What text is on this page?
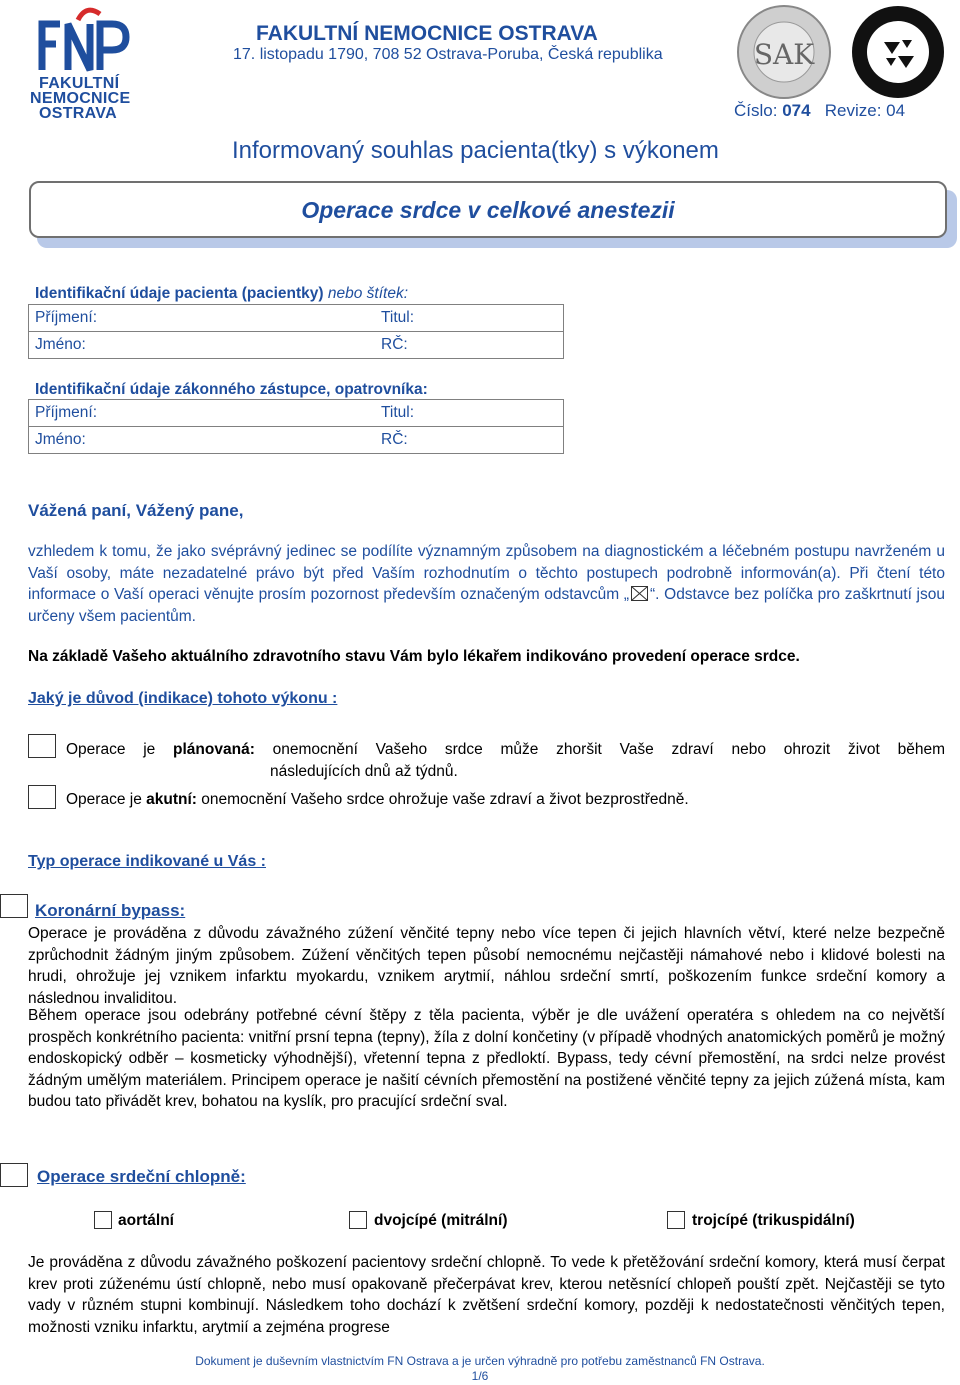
FAKULTNÍ
NEMOCNICE
OSTRAVA
FAKULTNÍ NEMOCNICE OSTRAVA
17. listopadu 1790, 708 52 Ostrava-Poruba, Česká republika	SAK
Číslo: 074 Revize: 04
Informovaný souhlas pacienta(tky) s výkonem
Operace srdce v celkové anestezii
Identifikační údaje pacienta (pacientky) nebo štítek:
Příjmení:	Titul:
Jméno:	RČ:
Identifikační údaje zákonného zástupce, opatrovníka:
Příjmení:	Titul:
Jméno:	RČ:
Vážená paní, Vážený pane,
vzhledem k tomu, že jako svéprávný jedinec se podílíte významným způsobem na diagnostickém a léčebném postupu navrženém u Vaší osoby, máte nezadatelné právo být před Vaším rozhodnutím o těchto postupech podrobně informován(a). Při čtení této informace o Vaší operaci věnujte prosím pozornost především označeným odstavcům „ “. Odstavce bez políčka pro zaškrtnutí jsou určeny všem pacientům.
Na základě Vašeho aktuálního zdravotního stavu Vám bylo lékařem indikováno provedení operace srdce.
Jaký je důvod (indikace) tohoto výkonu :
Operace je plánovaná: onemocnění Vašeho srdce může zhoršit Vaše zdraví nebo ohrozit život během
následujících dnů až týdnů.
Operace je akutní: onemocnění Vašeho srdce ohrožuje vaše zdraví a život bezprostředně.
Typ operace indikované u Vás :
Koronární bypass:
Operace je prováděna z důvodu závažného zúžení věnčité tepny nebo více tepen či jejich hlavních větví, které nelze bezpečně zprůchodnit žádným jiným způsobem. Zúžení věnčitých tepen působí nemocnému nejčastěji námahové nebo i klidové bolesti na hrudi, ohrožuje jej vznikem infarktu myokardu, vznikem arytmií, náhlou srdeční smrtí, poškozením funkce srdeční komory a následnou invaliditou.
Během operace jsou odebrány potřebné cévní štěpy z těla pacienta, výběr je dle uvážení operatéra s ohledem na co největší prospěch konkrétního pacienta: vnitřní prsní tepna (tepny), žíla z dolní končetiny (v případě vhodných anatomických poměrů je možný endoskopický odběr – kosmeticky výhodnější), vřetenní tepna z předloktí. Bypass, tedy cévní přemostění, na srdci nelze provést žádným umělým materiálem. Principem operace je našití cévních přemostění na postižené věnčité tepny za jejich zúžená místa, kam budou tato přivádět krev, bohatou na kyslík, pro pracující srdeční sval.
Operace srdeční chlopně:
aortální	dvojcípé (mitrální)	trojcípé (trikuspidální)
Je prováděna z důvodu závažného poškození pacientovy srdeční chlopně. To vede k přetěžování srdeční komory, která musí čerpat krev proti zúženému ústí chlopně, nebo musí opakovaně přečerpávat krev, kterou netěsnící chlopeň pouští zpět. Nejčastěji se tyto vady v různém stupni kombinují. Následkem toho dochází k zvětšení srdeční komory, později k nedostatečnosti věnčitých tepen, možnosti vzniku infarktu, arytmií a zejména progrese
Dokument je duševním vlastnictvím FN Ostrava a je určen výhradně pro potřebu zaměstnanců FN Ostrava.
1/6
